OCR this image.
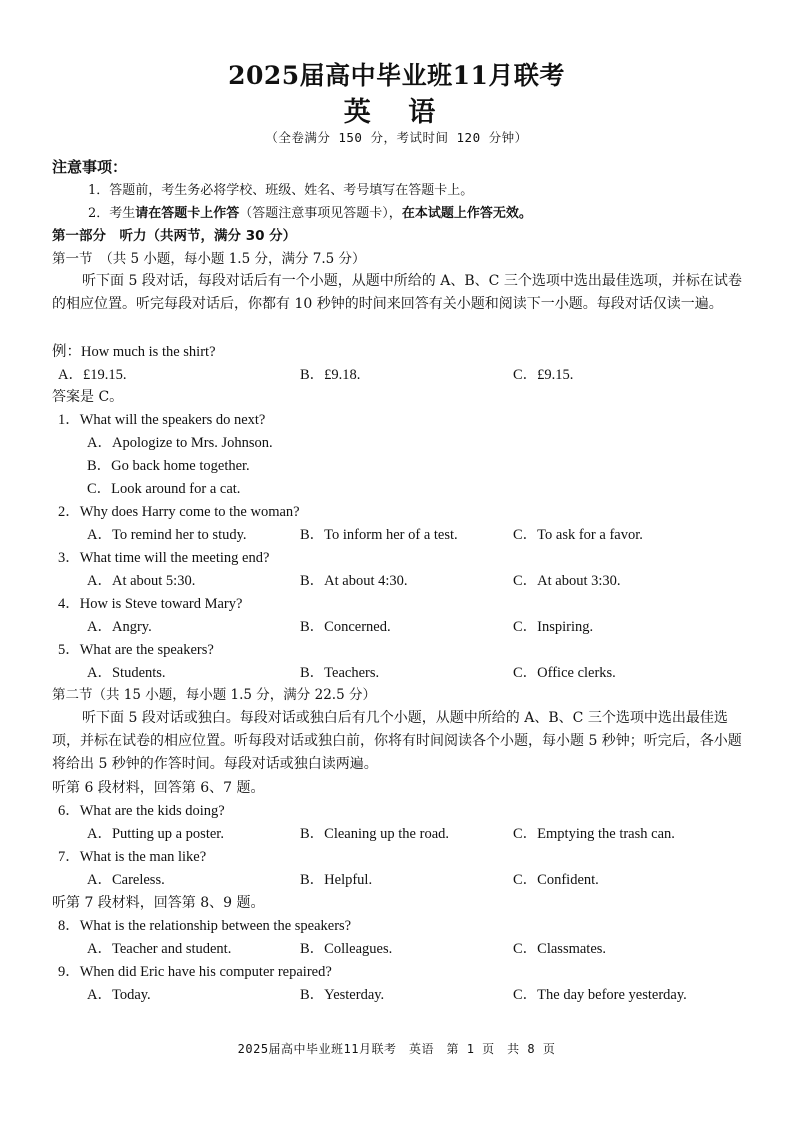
2025届高中毕业班11月联考
英 语
（全卷满分 150 分，考试时间 120 分钟）
注意事项：
1．答题前，考生务必将学校、班级、姓名、考号填写在答题卡上。
2．考生请在答题卡上作答（答题注意事项见答题卡），在本试题上作答无效。
第一部分　听力（共两节，满分 30 分）
第一节　（共 5 小题，每小题 1.5 分，满分 7.5 分）
听下面 5 段对话，每段对话后有一个小题，从题中所给的 A、B、C 三个选项中选出最佳选项，并标在试卷的相应位置。听完每段对话后，你都有 10 秒钟的时间来回答有关小题和阅读下一小题。每段对话仅读一遍。
例：How much is the shirt?
A．£19.15.	B．£9.18.	C．£9.15.
答案是 C。
1．What will the speakers do next?
A．Apologize to Mrs. Johnson.
B．Go back home together.
C．Look around for a cat.
2．Why does Harry come to the woman?
A．To remind her to study.	B．To inform her of a test.	C．To ask for a favor.
3．What time will the meeting end?
A．At about 5:30.	B．At about 4:30.	C．At about 3:30.
4．How is Steve toward Mary?
A．Angry.	B．Concerned.	C．Inspiring.
5．What are the speakers?
A．Students.	B．Teachers.	C．Office clerks.
第二节（共 15 小题，每小题 1.5 分，满分 22.5 分）
听下面 5 段对话或独白。每段对话或独白后有几个小题，从题中所给的 A、B、C 三个选项中选出最佳选项，并标在试卷的相应位置。听每段对话或独白前，你将有时间阅读各个小题，每小题 5 秒钟；听完后，各小题将给出 5 秒钟的作答时间。每段对话或独白读两遍。
听第 6 段材料，回答第 6、7 题。
6．What are the kids doing?
A．Putting up a poster.	B．Cleaning up the road.	C．Emptying the trash can.
7．What is the man like?
A．Careless.	B．Helpful.	C．Confident.
听第 7 段材料，回答第 8、9 题。
8．What is the relationship between the speakers?
A．Teacher and student.	B．Colleagues.	C．Classmates.
9．When did Eric have his computer repaired?
A．Today.	B．Yesterday.	C．The day before yesterday.
2025届高中毕业班11月联考　英语　第 1 页　共 8 页
